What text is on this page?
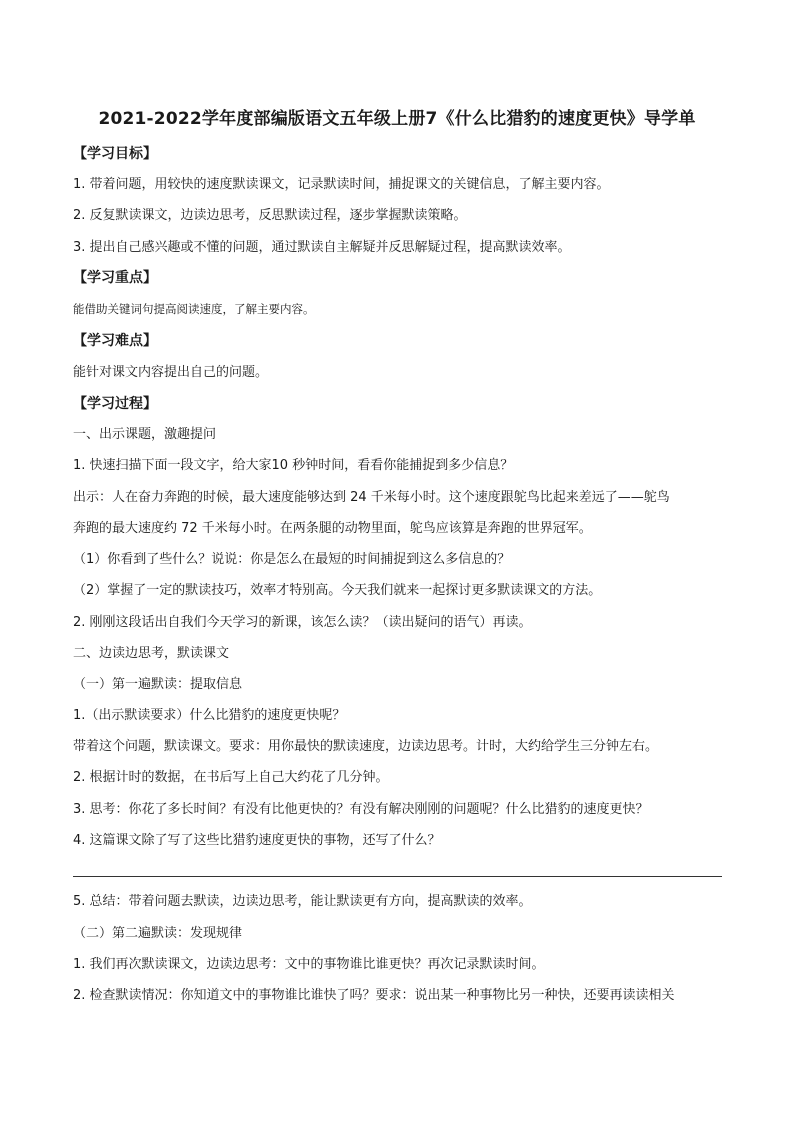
2021-2022学年度部编版语文五年级上册7《什么比猎豹的速度更快》导学单
【学习目标】
1. 带着问题，用较快的速度默读课文，记录默读时间，捕捉课文的关键信息，了解主要内容。
2. 反复默读课文，边读边思考，反思默读过程，逐步掌握默读策略。
3. 提出自己感兴趣或不懂的问题，通过默读自主解疑并反思解疑过程，提高默读效率。
【学习重点】
能借助关键词句提高阅读速度，了解主要内容。
【学习难点】
能针对课文内容提出自己的问题。
【学习过程】
一、出示课题，激趣提问
1. 快速扫描下面一段文字，给大家10 秒钟时间，看看你能捕捉到多少信息？
出示：人在奋力奔跑的时候，最大速度能够达到 24 千米每小时。这个速度跟鸵鸟比起来差远了——鸵鸟
奔跑的最大速度约 72 千米每小时。在两条腿的动物里面，鸵鸟应该算是奔跑的世界冠军。
（1）你看到了些什么？说说：你是怎么在最短的时间捕捉到这么多信息的？
（2）掌握了一定的默读技巧，效率才特别高。今天我们就来一起探讨更多默读课文的方法。
2. 刚刚这段话出自我们今天学习的新课，该怎么读？（读出疑问的语气）再读。
二、边读边思考，默读课文
（一）第一遍默读：提取信息
1.（出示默读要求）什么比猎豹的速度更快呢？
带着这个问题，默读课文。要求：用你最快的默读速度，边读边思考。计时，大约给学生三分钟左右。
2. 根据计时的数据，在书后写上自己大约花了几分钟。
3. 思考：你花了多长时间？有没有比他更快的？有没有解决刚刚的问题呢？什么比猎豹的速度更快？
4. 这篇课文除了写了这些比猎豹速度更快的事物，还写了什么？
5. 总结：带着问题去默读，边读边思考，能让默读更有方向，提高默读的效率。
（二）第二遍默读：发现规律
1. 我们再次默读课文，边读边思考：文中的事物谁比谁更快？再次记录默读时间。
2. 检查默读情况：你知道文中的事物谁比谁快了吗？要求：说出某一种事物比另一种快，还要再读读相关
